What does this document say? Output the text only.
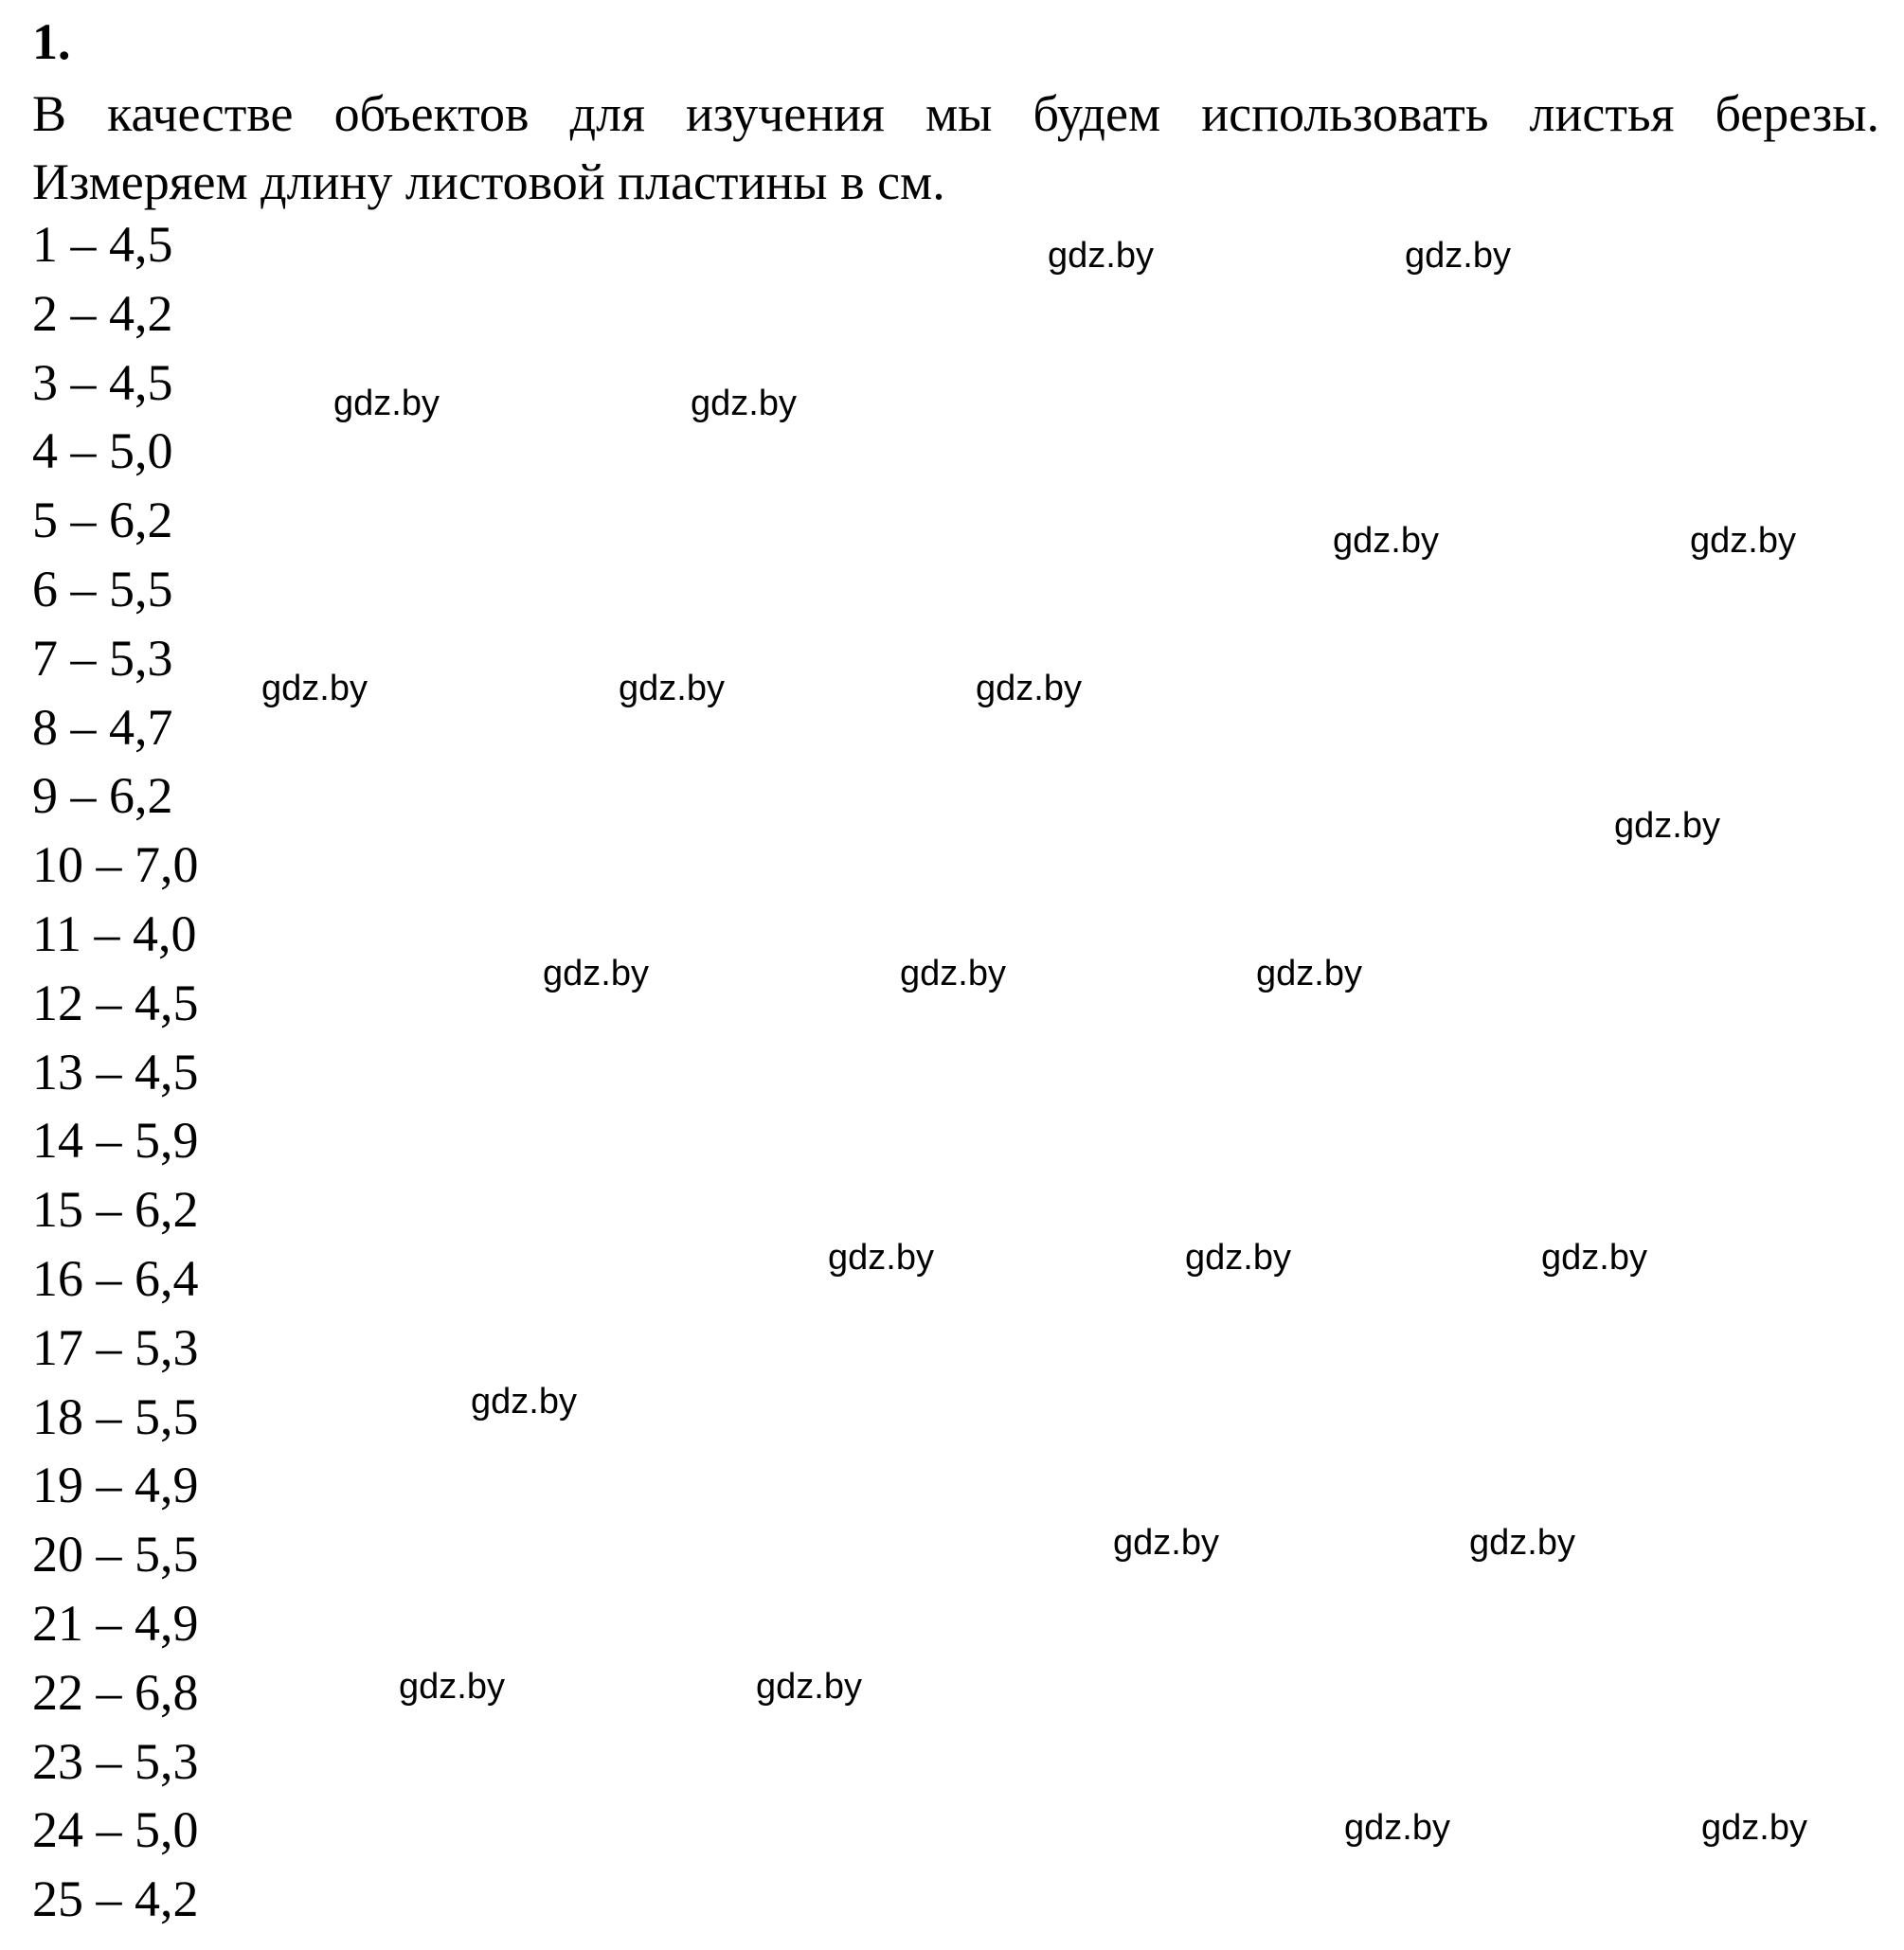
1.

В качестве объектов для изучения мы будем использовать листья березы.
Измеряем длину листовой пластины в см.

1 – 4,5
2 – 4,2
3 – 4,5
4 – 5,0
5 – 6,2
6 – 5,5
7 – 5,3
8 – 4,7
9 – 6,2
10 – 7,0
11 – 4,0
12 – 4,5
13 – 4,5
14 – 5,9
15 – 6,2
16 – 6,4
17 – 5,3
18 – 5,5
19 – 4,9
20 – 5,5
21 – 4,9
22 – 6,8
23 – 5,3
24 – 5,0
25 – 4,2
gdz.by	gdz.by
gdz.by	gdz.by
gdz.by	gdz.by
gdz.by	gdz.by	gdz.by
gdz.by
gdz.by	gdz.by	gdz.by
gdz.by	gdz.by	gdz.by
gdz.by
gdz.by	gdz.by
gdz.by	gdz.by
gdz.by	gdz.by
